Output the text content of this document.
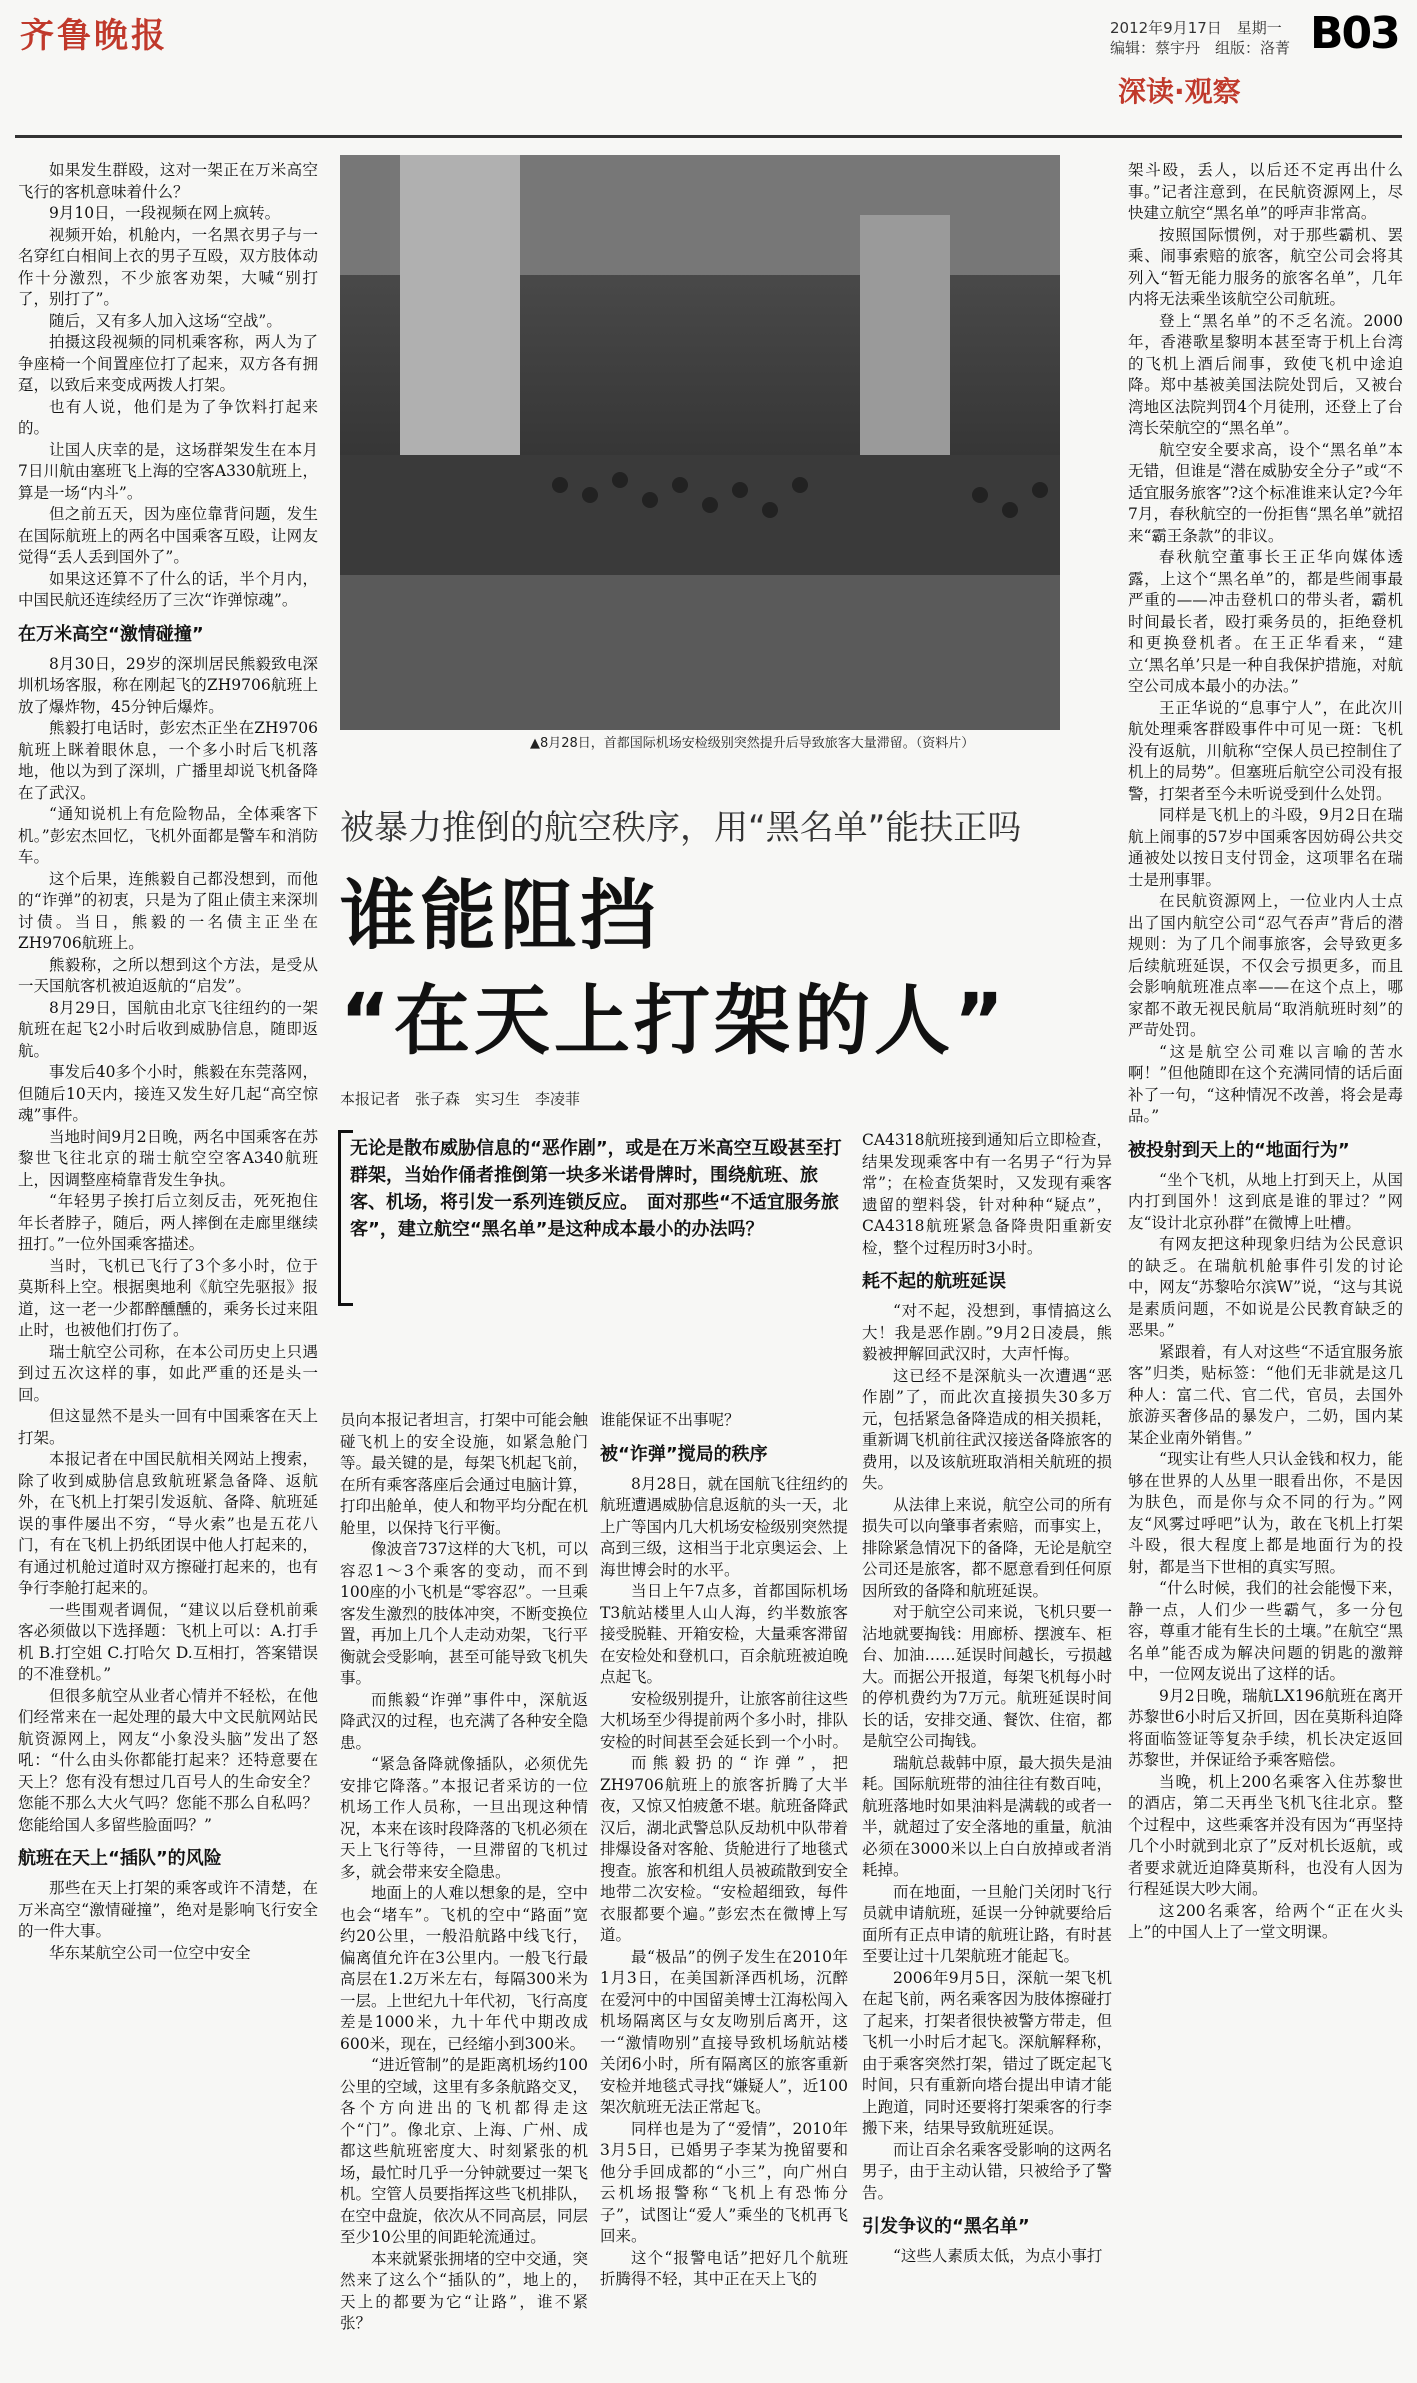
齐鲁晚报	2012年9月17日　星期一
编辑：蔡宇丹　组版：洛菁 B03
深读·观察
▲8月28日，首都国际机场安检级别突然提升后导致旅客大量滞留。（资料片）
被暴力推倒的航空秩序，用“黑名单”能扶正吗
谁能阻挡
“在天上打架的人”
本报记者　张子森　实习生　李凌菲
无论是散布威胁信息的“恶作剧”，或是在万米高空互殴甚至打群架，当始作俑者推倒第一块多米诺骨牌时，围绕航班、旅客、机场，将引发一系列连锁反应。　面对那些“不适宜服务旅客”，建立航空“黑名单”是这种成本最小的办法吗？

如果发生群殴，这对一架正在万米高空飞行的客机意味着什么？

9月10日，一段视频在网上疯转。

视频开始，机舱内，一名黑衣男子与一名穿红白相间上衣的男子互殴，双方肢体动作十分激烈，不少旅客劝架，大喊“别打了，别打了”。

随后，又有多人加入这场“空战”。

拍摄这段视频的同机乘客称，两人为了争座椅一个间置座位打了起来，双方各有拥趸，以致后来变成两拨人打架。

也有人说，他们是为了争饮料打起来的。

让国人庆幸的是，这场群架发生在本月7日川航由塞班飞上海的空客A330航班上，算是一场“内斗”。

但之前五天，因为座位靠背问题，发生在国际航班上的两名中国乘客互殴，让网友觉得“丢人丢到国外了”。

如果这还算不了什么的话，半个月内，中国民航还连续经历了三次“诈弹惊魂”。

在万米高空“激情碰撞”

8月30日，29岁的深圳居民熊毅致电深圳机场客服，称在刚起飞的ZH9706航班上放了爆炸物，45分钟后爆炸。

熊毅打电话时，彭宏杰正坐在ZH9706航班上眯着眼休息，一个多小时后飞机落地，他以为到了深圳，广播里却说飞机备降在了武汉。

“通知说机上有危险物品，全体乘客下机。”彭宏杰回忆，飞机外面都是警车和消防车。

这个后果，连熊毅自己都没想到，而他的“诈弹”的初衷，只是为了阻止债主来深圳讨债。当日，熊毅的一名债主正坐在ZH9706航班上。

熊毅称，之所以想到这个方法，是受从一天国航客机被迫返航的“启发”。

8月29日，国航由北京飞往纽约的一架航班在起飞2小时后收到威胁信息，随即返航。

事发后40多个小时，熊毅在东莞落网，但随后10天内，接连又发生好几起“高空惊魂”事件。

当地时间9月2日晚，两名中国乘客在苏黎世飞往北京的瑞士航空空客A340航班上，因调整座椅靠背发生争执。

“年轻男子挨打后立刻反击，死死抱住年长者脖子，随后，两人摔倒在走廊里继续扭打。”一位外国乘客描述。

当时，飞机已飞行了3个多小时，位于莫斯科上空。根据奥地利《航空先驱报》报道，这一老一少都醉醺醺的，乘务长过来阻止时，也被他们打伤了。

瑞士航空公司称，在本公司历史上只遇到过五次这样的事，如此严重的还是头一回。

但这显然不是头一回有中国乘客在天上打架。

本报记者在中国民航相关网站上搜索，除了收到威胁信息致航班紧急备降、返航外，在飞机上打架引发返航、备降、航班延误的事件屡出不穷，“导火索”也是五花八门，有在飞机上扔纸团误中他人打起来的，有通过机舱过道时双方擦碰打起来的，也有争行李舱打起来的。

一些围观者调侃，“建议以后登机前乘客必须做以下选择题：飞机上可以：A.打手机 B.打空姐 C.打哈欠 D.互相打，答案错误的不准登机。”

但很多航空从业者心情并不轻松，在他们经常来在一起处理的最大中文民航网站民航资源网上，网友“小象没头脑”发出了怒吼：“什么由头你都能打起来？还特意要在天上？您有没有想过几百号人的生命安全？您能不那么大火气吗？您能不那么自私吗？您能给国人多留些脸面吗？”

航班在天上“插队”的风险

那些在天上打架的乘客或许不清楚，在万米高空“激情碰撞”，绝对是影响飞行安全的一件大事。

华东某航空公司一位空中安全

员向本报记者坦言，打架中可能会触碰飞机上的安全设施，如紧急舱门等。最关键的是，每架飞机起飞前，在所有乘客落座后会通过电脑计算，打印出舱单，使人和物平均分配在机舱里，以保持飞行平衡。

像波音737这样的大飞机，可以容忍1～3个乘客的变动，而不到100座的小飞机是“零容忍”。一旦乘客发生激烈的肢体冲突，不断变换位置，再加上几个人走动劝架，飞行平衡就会受影响，甚至可能导致飞机失事。

而熊毅“诈弹”事件中，深航返降武汉的过程，也充满了各种安全隐患。

“紧急备降就像插队，必须优先安排它降落。”本报记者采访的一位机场工作人员称，一旦出现这种情况，本来在该时段降落的飞机必须在天上飞行等待，一旦滞留的飞机过多，就会带来安全隐患。

地面上的人难以想象的是，空中也会“堵车”。飞机的空中“路面”宽约20公里，一般沿航路中线飞行，偏离值允许在3公里内。一般飞行最高层在1.2万米左右，每隔300米为一层。上世纪九十年代初，飞行高度差是1000米，九十年代中期改成600米，现在，已经缩小到300米。

“进近管制”的是距离机场约100公里的空域，这里有多条航路交叉，各个方向进出的飞机都得走这个“门”。像北京、上海、广州、成都这些航班密度大、时刻紧张的机场，最忙时几乎一分钟就要过一架飞机。空管人员要指挥这些飞机排队，在空中盘旋，依次从不同高层，同层至少10公里的间距轮流通过。

本来就紧张拥堵的空中交通，突然来了这么个“插队的”，地上的，天上的都要为它“让路”，谁不紧张？

谁能保证不出事呢？

被“诈弹”搅局的秩序

8月28日，就在国航飞往纽约的航班遭遇威胁信息返航的头一天，北上广等国内几大机场安检级别突然提高到三级，这相当于北京奥运会、上海世博会时的水平。

当日上午7点多，首都国际机场T3航站楼里人山人海，约半数旅客接受脱鞋、开箱安检，大量乘客滞留在安检处和登机口，百余航班被迫晚点起飞。

安检级别提升，让旅客前往这些大机场至少得提前两个多小时，排队安检的时间甚至会延长到一个小时。

而熊毅扔的“诈弹”，把ZH9706航班上的旅客折腾了大半夜，又惊又怕疲惫不堪。航班备降武汉后，湖北武警总队反劫机中队带着排爆设备对客舱、货舱进行了地毯式搜查。旅客和机组人员被疏散到安全地带二次安检。“安检超细致，每件衣服都要个遍。”彭宏杰在微博上写道。

最“极品”的例子发生在2010年1月3日，在美国新泽西机场，沉醉在爱河中的中国留美博士江海松闯入机场隔离区与女友吻别后离开，这一“激情吻别”直接导致机场航站楼关闭6小时，所有隔离区的旅客重新安检并地毯式寻找“嫌疑人”，近100架次航班无法正常起飞。

同样也是为了“爱情”，2010年3月5日，已婚男子李某为挽留要和他分手回成都的“小三”，向广州白云机场报警称“飞机上有恐怖分子”，试图让“爱人”乘坐的飞机再飞回来。

这个“报警电话”把好几个航班折腾得不轻，其中正在天上飞的

CA4318航班接到通知后立即检查，结果发现乘客中有一名男子“行为异常”；在检查货架时，又发现有乘客遗留的塑料袋，针对种种“疑点”，CA4318航班紧急备降贵阳重新安检，整个过程历时3小时。

耗不起的航班延误

“对不起，没想到，事情搞这么大！我是恶作剧。”9月2日凌晨，熊毅被押解回武汉时，大声忏悔。

这已经不是深航头一次遭遇“恶作剧”了，而此次直接损失30多万元，包括紧急备降造成的相关损耗，重新调飞机前往武汉接送备降旅客的费用，以及该航班取消相关航班的损失。

从法律上来说，航空公司的所有损失可以向肇事者索赔，而事实上，排除紧急情况下的备降，无论是航空公司还是旅客，都不愿意看到任何原因所致的备降和航班延误。

对于航空公司来说，飞机只要一沾地就要掏钱：用廊桥、摆渡车、柜台、加油……延误时间越长，亏损越大。而据公开报道，每架飞机每小时的停机费约为7万元。航班延误时间长的话，安排交通、餐饮、住宿，都是航空公司掏钱。

瑞航总裁韩中原，最大损失是油耗。国际航班带的油往往有数百吨，航班落地时如果油料是满载的或者一半，就超过了安全落地的重量，航油必须在3000米以上白白放掉或者消耗掉。

而在地面，一旦舱门关闭时飞行员就申请航班，延误一分钟就要给后面所有正点申请的航班让路，有时甚至要让过十几架航班才能起飞。

2006年9月5日，深航一架飞机在起飞前，两名乘客因为肢体擦碰打了起来，打架者很快被警方带走，但飞机一小时后才起飞。深航解释称，由于乘客突然打架，错过了既定起飞时间，只有重新向塔台提出申请才能上跑道，同时还要将打架乘客的行李搬下来，结果导致航班延误。

而让百余名乘客受影响的这两名男子，由于主动认错，只被给予了警告。

引发争议的“黑名单”

“这些人素质太低，为点小事打

架斗殴，丢人，以后还不定再出什么事。”记者注意到，在民航资源网上，尽快建立航空“黑名单”的呼声非常高。

按照国际惯例，对于那些霸机、罢乘、闹事索赔的旅客，航空公司会将其列入“暂无能力服务的旅客名单”，几年内将无法乘坐该航空公司航班。

登上“黑名单”的不乏名流。2000年，香港歌星黎明本甚至寄于机上台湾的飞机上酒后闹事，致使飞机中途迫降。郑中基被美国法院处罚后，又被台湾地区法院判罚4个月徒刑，还登上了台湾长荣航空的“黑名单”。

航空安全要求高，设个“黑名单”本无错，但谁是“潜在威胁安全分子”或“不适宜服务旅客”?这个标准谁来认定?今年7月，春秋航空的一份拒售“黑名单”就招来“霸王条款”的非议。

春秋航空董事长王正华向媒体透露，上这个“黑名单”的，都是些闹事最严重的——冲击登机口的带头者，霸机时间最长者，殴打乘务员的，拒绝登机和更换登机者。在王正华看来，“建立‘黑名单’只是一种自我保护措施，对航空公司成本最小的办法。”

王正华说的“息事宁人”，在此次川航处理乘客群殴事件中可见一斑：飞机没有返航，川航称“空保人员已控制住了机上的局势”。但塞班后航空公司没有报警，打架者至今未听说受到什么处罚。

同样是飞机上的斗殴，9月2日在瑞航上闹事的57岁中国乘客因妨碍公共交通被处以按日支付罚金，这项罪名在瑞士是刑事罪。

在民航资源网上，一位业内人士点出了国内航空公司“忍气吞声”背后的潜规则：为了几个闹事旅客，会导致更多后续航班延误，不仅会亏损更多，而且会影响航班准点率——在这个点上，哪家都不敢无视民航局“取消航班时刻”的严苛处罚。

“这是航空公司难以言喻的苦水啊！”但他随即在这个充满同情的话后面补了一句，“这种情况不改善，将会是毒品。”

被投射到天上的“地面行为”

“坐个飞机，从地上打到天上，从国内打到国外！这到底是谁的罪过？”网友“设计北京孙群”在微博上吐槽。

有网友把这种现象归结为公民意识的缺乏。在瑞航机舱事件引发的讨论中，网友“苏黎哈尔滨W”说，“这与其说是素质问题，不如说是公民教育缺乏的恶果。”

紧跟着，有人对这些“不适宜服务旅客”归类，贴标签：“他们无非就是这几种人：富二代、官二代，官员，去国外旅游买奢侈品的暴发户，二奶，国内某某企业南外销售。”

“现实让有些人只认金钱和权力，能够在世界的人丛里一眼看出你，不是因为肤色，而是你与众不同的行为。”网友“风雾过呼吧”认为，敢在飞机上打架斗殴，很大程度上都是地面行为的投射，都是当下世相的真实写照。

“什么时候，我们的社会能慢下来，静一点，人们少一些霸气，多一分包容，尊重才能有生长的土壤。”在航空“黑名单”能否成为解决问题的钥匙的激辩中，一位网友说出了这样的话。

9月2日晚，瑞航LX196航班在离开苏黎世6小时后又折回，因在莫斯科迫降将面临签证等复杂手续，机长决定返回苏黎世，并保证给予乘客赔偿。

当晚，机上200名乘客入住苏黎世的酒店，第二天再坐飞机飞往北京。整个过程中，这些乘客并没有因为“再坚持几个小时就到北京了”反对机长返航，或者要求就近迫降莫斯科，也没有人因为行程延误大吵大闹。

这200名乘客，给两个“正在火头上”的中国人上了一堂文明课。
